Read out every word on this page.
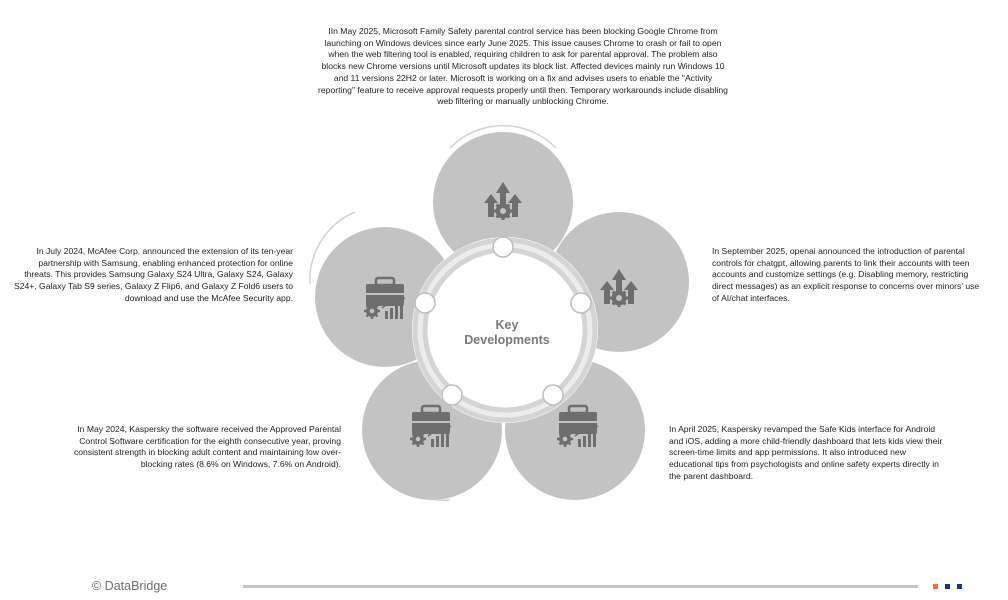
Key
Developments
IIn May 2025, Microsoft Family Safety parental control service has been blocking Google Chrome from launching on Windows devices since early June 2025. This issue causes Chrome to crash or fail to open when the web filtering tool is enabled, requiring children to ask for parental approval. The problem also blocks new Chrome versions until Microsoft updates its block list. Affected devices mainly run Windows 10 and 11 versions 22H2 or later. Microsoft is working on a fix and advises users to enable the "Activity reporting" feature to receive approval requests properly until then. Temporary workarounds include disabling web filtering or manually unblocking Chrome.
In July 2024, McAfee Corp. announced the extension of its ten-year partnership with Samsung, enabling enhanced protection for online threats. This provides Samsung Galaxy S24 Ultra, Galaxy S24, Galaxy S24+, Galaxy Tab S9 series, Galaxy Z Flip6, and Galaxy Z Fold6 users to download and use the McAfee Security app.
In September 2025, openai announced the introduction of parental controls for chatgpt, allowing parents to link their accounts with teen accounts and customize settings (e.g. Disabling memory, restricting direct messages) as an explicit response to concerns over minors' use of AI/chat interfaces.
In May 2024, Kaspersky the software received the Approved Parental Control Software certification for the eighth consecutive year, proving consistent strength in blocking adult content and maintaining low over-blocking rates (8.6% on Windows, 7.6% on Android).
In April 2025, Kaspersky revamped the Safe Kids interface for Android and iOS, adding a more child-friendly dashboard that lets kids view their screen-time limits and app permissions. It also introduced new educational tips from psychologists and online safety experts directly in the parent dashboard.
© DataBridge
